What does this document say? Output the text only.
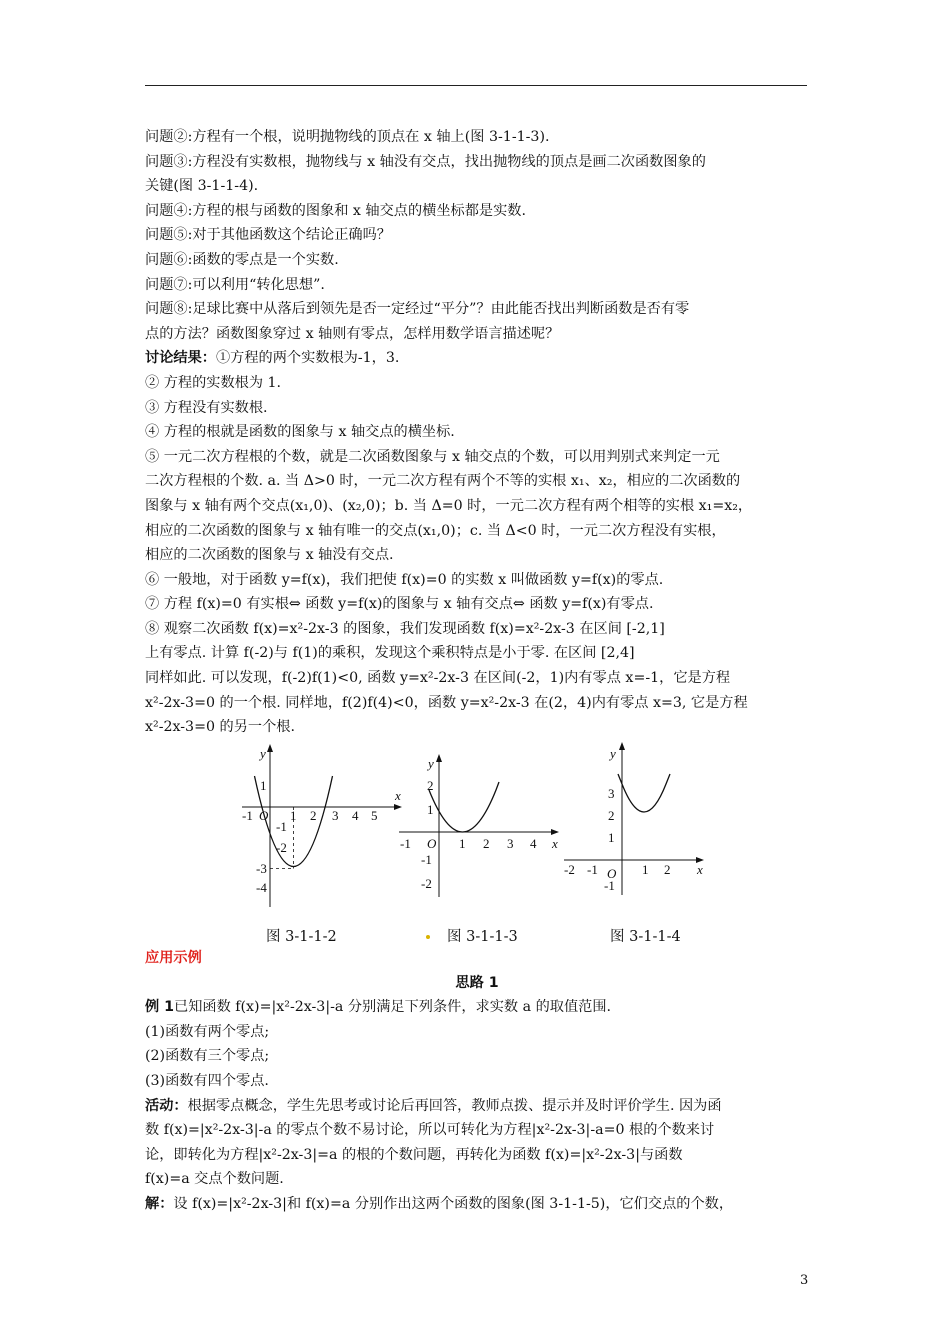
问题②:方程有一个根，说明抛物线的顶点在 x 轴上(图 3-1-1-3).

问题③:方程没有实数根，抛物线与 x 轴没有交点，找出抛物线的顶点是画二次函数图象的

关键(图 3-1-1-4).

问题④:方程的根与函数的图象和 x 轴交点的横坐标都是实数.

问题⑤:对于其他函数这个结论正确吗？

问题⑥:函数的零点是一个实数.

问题⑦:可以利用“转化思想”.

问题⑧:足球比赛中从落后到领先是否一定经过“平分”？由此能否找出判断函数是否有零

点的方法？函数图象穿过 x 轴则有零点，怎样用数学语言描述呢？

讨论结果：①方程的两个实数根为-1，3.

② 方程的实数根为 1.

③ 方程没有实数根.

④ 方程的根就是函数的图象与 x 轴交点的横坐标.

⑤ 一元二次方程根的个数，就是二次函数图象与 x 轴交点的个数，可以用判别式来判定一元

二次方程根的个数. a. 当 Δ>0 时，一元二次方程有两个不等的实根 x₁、x₂，相应的二次函数的

图象与 x 轴有两个交点(x₁,0)、(x₂,0)；b. 当 Δ=0 时，一元二次方程有两个相等的实根 x₁=x₂，

相应的二次函数的图象与 x 轴有唯一的交点(x₁,0)；c. 当 Δ<0 时，一元二次方程没有实根，

相应的二次函数的图象与 x 轴没有交点.

⑥ 一般地，对于函数 y=f(x)，我们把使 f(x)=0 的实数 x 叫做函数 y=f(x)的零点.

⑦ 方程 f(x)=0 有实根⇔ 函数 y=f(x)的图象与 x 轴有交点⇔ 函数 y=f(x)有零点.

⑧ 观察二次函数 f(x)=x²-2x-3 的图象，我们发现函数 f(x)=x²-2x-3 在区间 [-2,1]

上有零点. 计算 f(-2)与 f(1)的乘积，发现这个乘积特点是小于零. 在区间 [2,4]

同样如此. 可以发现，f(-2)f(1)<0, 函数 y=x²-2x-3 在区间(-2，1)内有零点 x=-1，它是方程

x²-2x-3=0 的一个根. 同样地，f(2)f(4)<0，函数 y=x²-2x-3 在(2，4)内有零点 x=3, 它是方程

x²-2x-3=0 的另一个根.

y
x
O
-1	1 2 3 4 5
1
-1
-2
-3
-4
y
x
O
-1	1 2 3 4
2
1
-1
-2
y
x
O
-2 -1	1 2
3
2
1
-1
图 3-1-1-2	图 3-1-1-3	图 3-1-1-4

应用示例

思路 1

例 1已知函数 f(x)=|x²-2x-3|-a 分别满足下列条件，求实数 a 的取值范围.

(1)函数有两个零点;

(2)函数有三个零点;

(3)函数有四个零点.

活动：根据零点概念，学生先思考或讨论后再回答，教师点拨、提示并及时评价学生. 因为函

数 f(x)=|x²-2x-3|-a 的零点个数不易讨论，所以可转化为方程|x²-2x-3|-a=0 根的个数来讨

论，即转化为方程|x²-2x-3|=a 的根的个数问题，再转化为函数 f(x)=|x²-2x-3|与函数

f(x)=a 交点个数问题.

解：设 f(x)=|x²-2x-3|和 f(x)=a 分别作出这两个函数的图象(图 3-1-1-5)，它们交点的个数，

3
